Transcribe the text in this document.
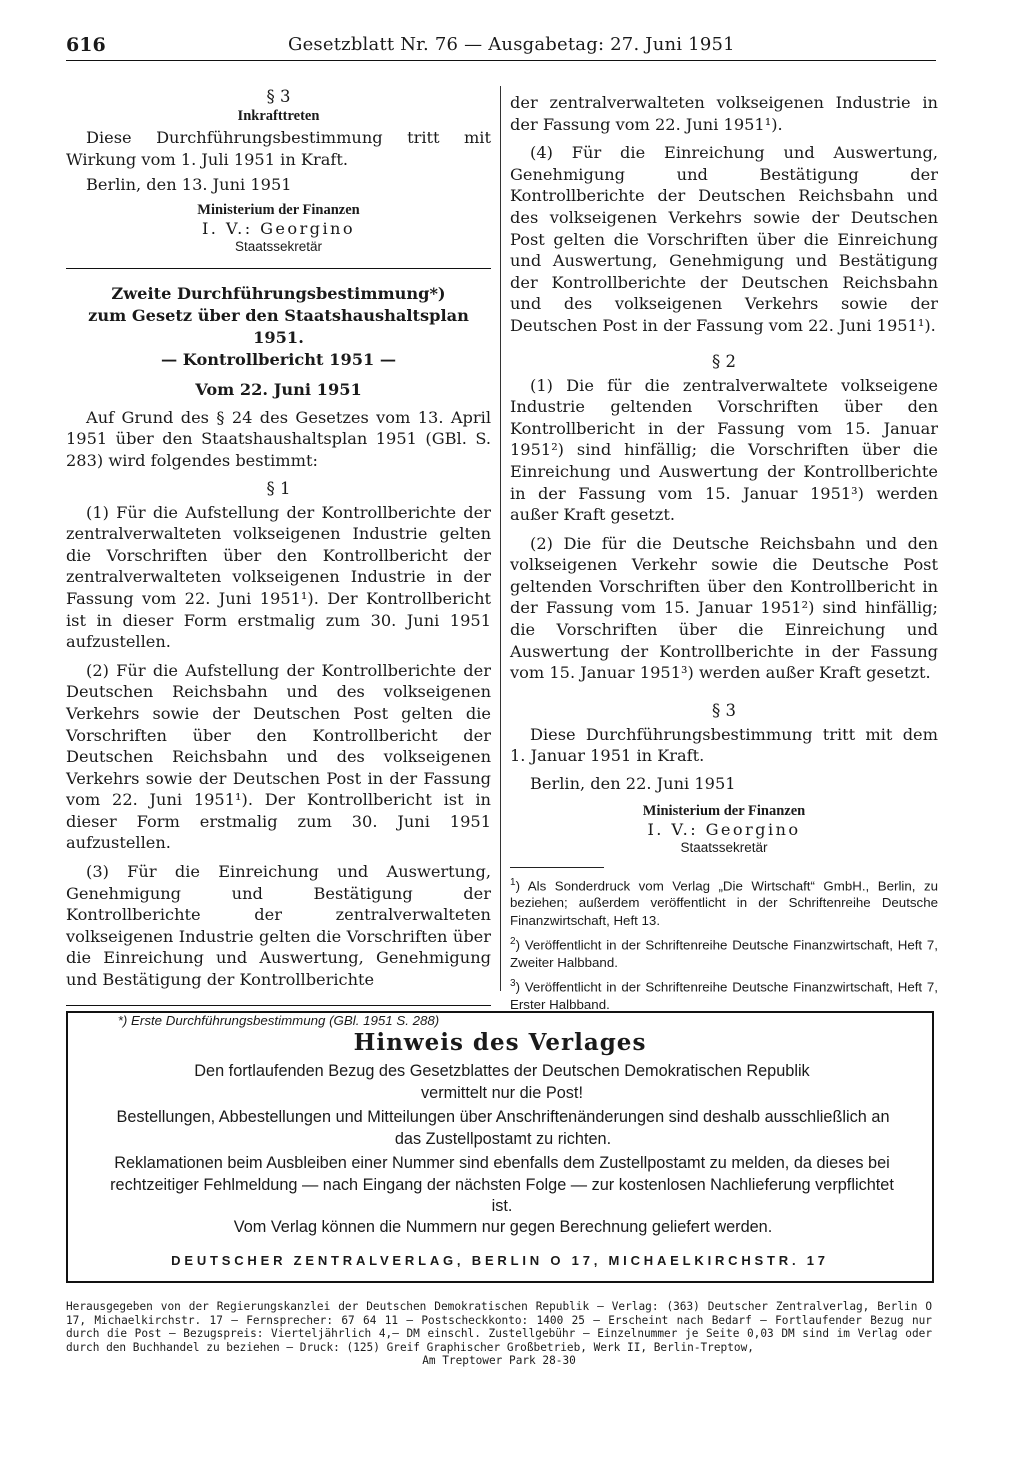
616	Gesetzblatt Nr. 76 — Ausgabetag: 27. Juni 1951

§ 3

Inkrafttreten

Diese Durchführungsbestimmung tritt mit Wirkung vom 1. Juli 1951 in Kraft.

Berlin, den 13. Juni 1951

Ministerium der Finanzen

I. V.: Georgino

Staatssekretär

Zweite Durchführungsbestimmung*)

zum Gesetz über den Staatshaushaltsplan 1951.

— Kontrollbericht 1951 —

Vom 22. Juni 1951

Auf Grund des § 24 des Gesetzes vom 13. April 1951 über den Staatshaushaltsplan 1951 (GBl. S. 283) wird folgendes bestimmt:

§ 1

(1) Für die Aufstellung der Kontrollberichte der zentralverwalteten volkseigenen Industrie gelten die Vorschriften über den Kontrollbericht der zentralverwalteten volkseigenen Industrie in der Fassung vom 22. Juni 1951¹). Der Kontrollbericht ist in dieser Form erstmalig zum 30. Juni 1951 aufzustellen.

(2) Für die Aufstellung der Kontrollberichte der Deutschen Reichsbahn und des volkseigenen Verkehrs sowie der Deutschen Post gelten die Vorschriften über den Kontrollbericht der Deutschen Reichsbahn und des volkseigenen Verkehrs sowie der Deutschen Post in der Fassung vom 22. Juni 1951¹). Der Kontrollbericht ist in dieser Form erstmalig zum 30. Juni 1951 aufzustellen.

(3) Für die Einreichung und Auswertung, Genehmigung und Bestätigung der Kontrollberichte der zentralverwalteten volkseigenen Industrie gelten die Vorschriften über die Einreichung und Auswertung, Genehmigung und Bestätigung der Kontrollberichte

*) Erste Durchführungsbestimmung (GBl. 1951 S. 288)

der zentralverwalteten volkseigenen Industrie in der Fassung vom 22. Juni 1951¹).

(4) Für die Einreichung und Auswertung, Genehmigung und Bestätigung der Kontrollberichte der Deutschen Reichsbahn und des volkseigenen Verkehrs sowie der Deutschen Post gelten die Vorschriften über die Einreichung und Auswertung, Genehmigung und Bestätigung der Kontrollberichte der Deutschen Reichsbahn und des volkseigenen Verkehrs sowie der Deutschen Post in der Fassung vom 22. Juni 1951¹).

§ 2

(1) Die für die zentralverwaltete volkseigene Industrie geltenden Vorschriften über den Kontrollbericht in der Fassung vom 15. Januar 1951²) sind hinfällig; die Vorschriften über die Einreichung und Auswertung der Kontrollberichte in der Fassung vom 15. Januar 1951³) werden außer Kraft gesetzt.

(2) Die für die Deutsche Reichsbahn und den volkseigenen Verkehr sowie die Deutsche Post geltenden Vorschriften über den Kontrollbericht in der Fassung vom 15. Januar 1951²) sind hinfällig; die Vorschriften über die Einreichung und Auswertung der Kontrollberichte in der Fassung vom 15. Januar 1951³) werden außer Kraft gesetzt.

§ 3

Diese Durchführungsbestimmung tritt mit dem 1. Januar 1951 in Kraft.

Berlin, den 22. Juni 1951

Ministerium der Finanzen

I. V.: Georgino

Staatssekretär

$^1$) Als Sonderdruck vom Verlag „Die Wirtschaft“ GmbH., Berlin, zu beziehen; außerdem veröffentlicht in der Schriftenreihe Deutsche Finanzwirtschaft, Heft 13.

$^2$) Veröffentlicht in der Schriftenreihe Deutsche Finanzwirtschaft, Heft 7, Zweiter Halbband.

$^3$) Veröffentlicht in der Schriftenreihe Deutsche Finanzwirtschaft, Heft 7, Erster Halbband.

Hinweis des Verlages

Den fortlaufenden Bezug des Gesetzblattes der Deutschen Demokratischen Republik vermittelt nur die Post!

Bestellungen, Abbestellungen und Mitteilungen über Anschriftenänderungen sind deshalb ausschließlich an das Zustellpostamt zu richten.

Reklamationen beim Ausbleiben einer Nummer sind ebenfalls dem Zustellpostamt zu melden, da dieses bei rechtzeitiger Fehlmeldung — nach Eingang der nächsten Folge — zur kostenlosen Nachlieferung verpflichtet ist.

Vom Verlag können die Nummern nur gegen Berechnung geliefert werden.

DEUTSCHER ZENTRALVERLAG, BERLIN O 17, MICHAELKIRCHSTR. 17

Herausgegeben von der Regierungskanzlei der Deutschen Demokratischen Republik — Verlag: (363) Deutscher Zentralverlag, Berlin O 17, Michaelkirchstr. 17 — Fernsprecher: 67 64 11 — Postscheckkonto: 1400 25 — Erscheint nach Bedarf — Fortlaufender Bezug nur durch die Post — Bezugspreis: Vierteljährlich 4,— DM einschl. Zustellgebühr — Einzelnummer je Seite 0,03 DM sind im Verlag oder durch den Buchhandel zu beziehen — Druck: (125) Greif Graphischer Großbetrieb, Werk II, Berlin-Treptow,

Am Treptower Park 28-30
